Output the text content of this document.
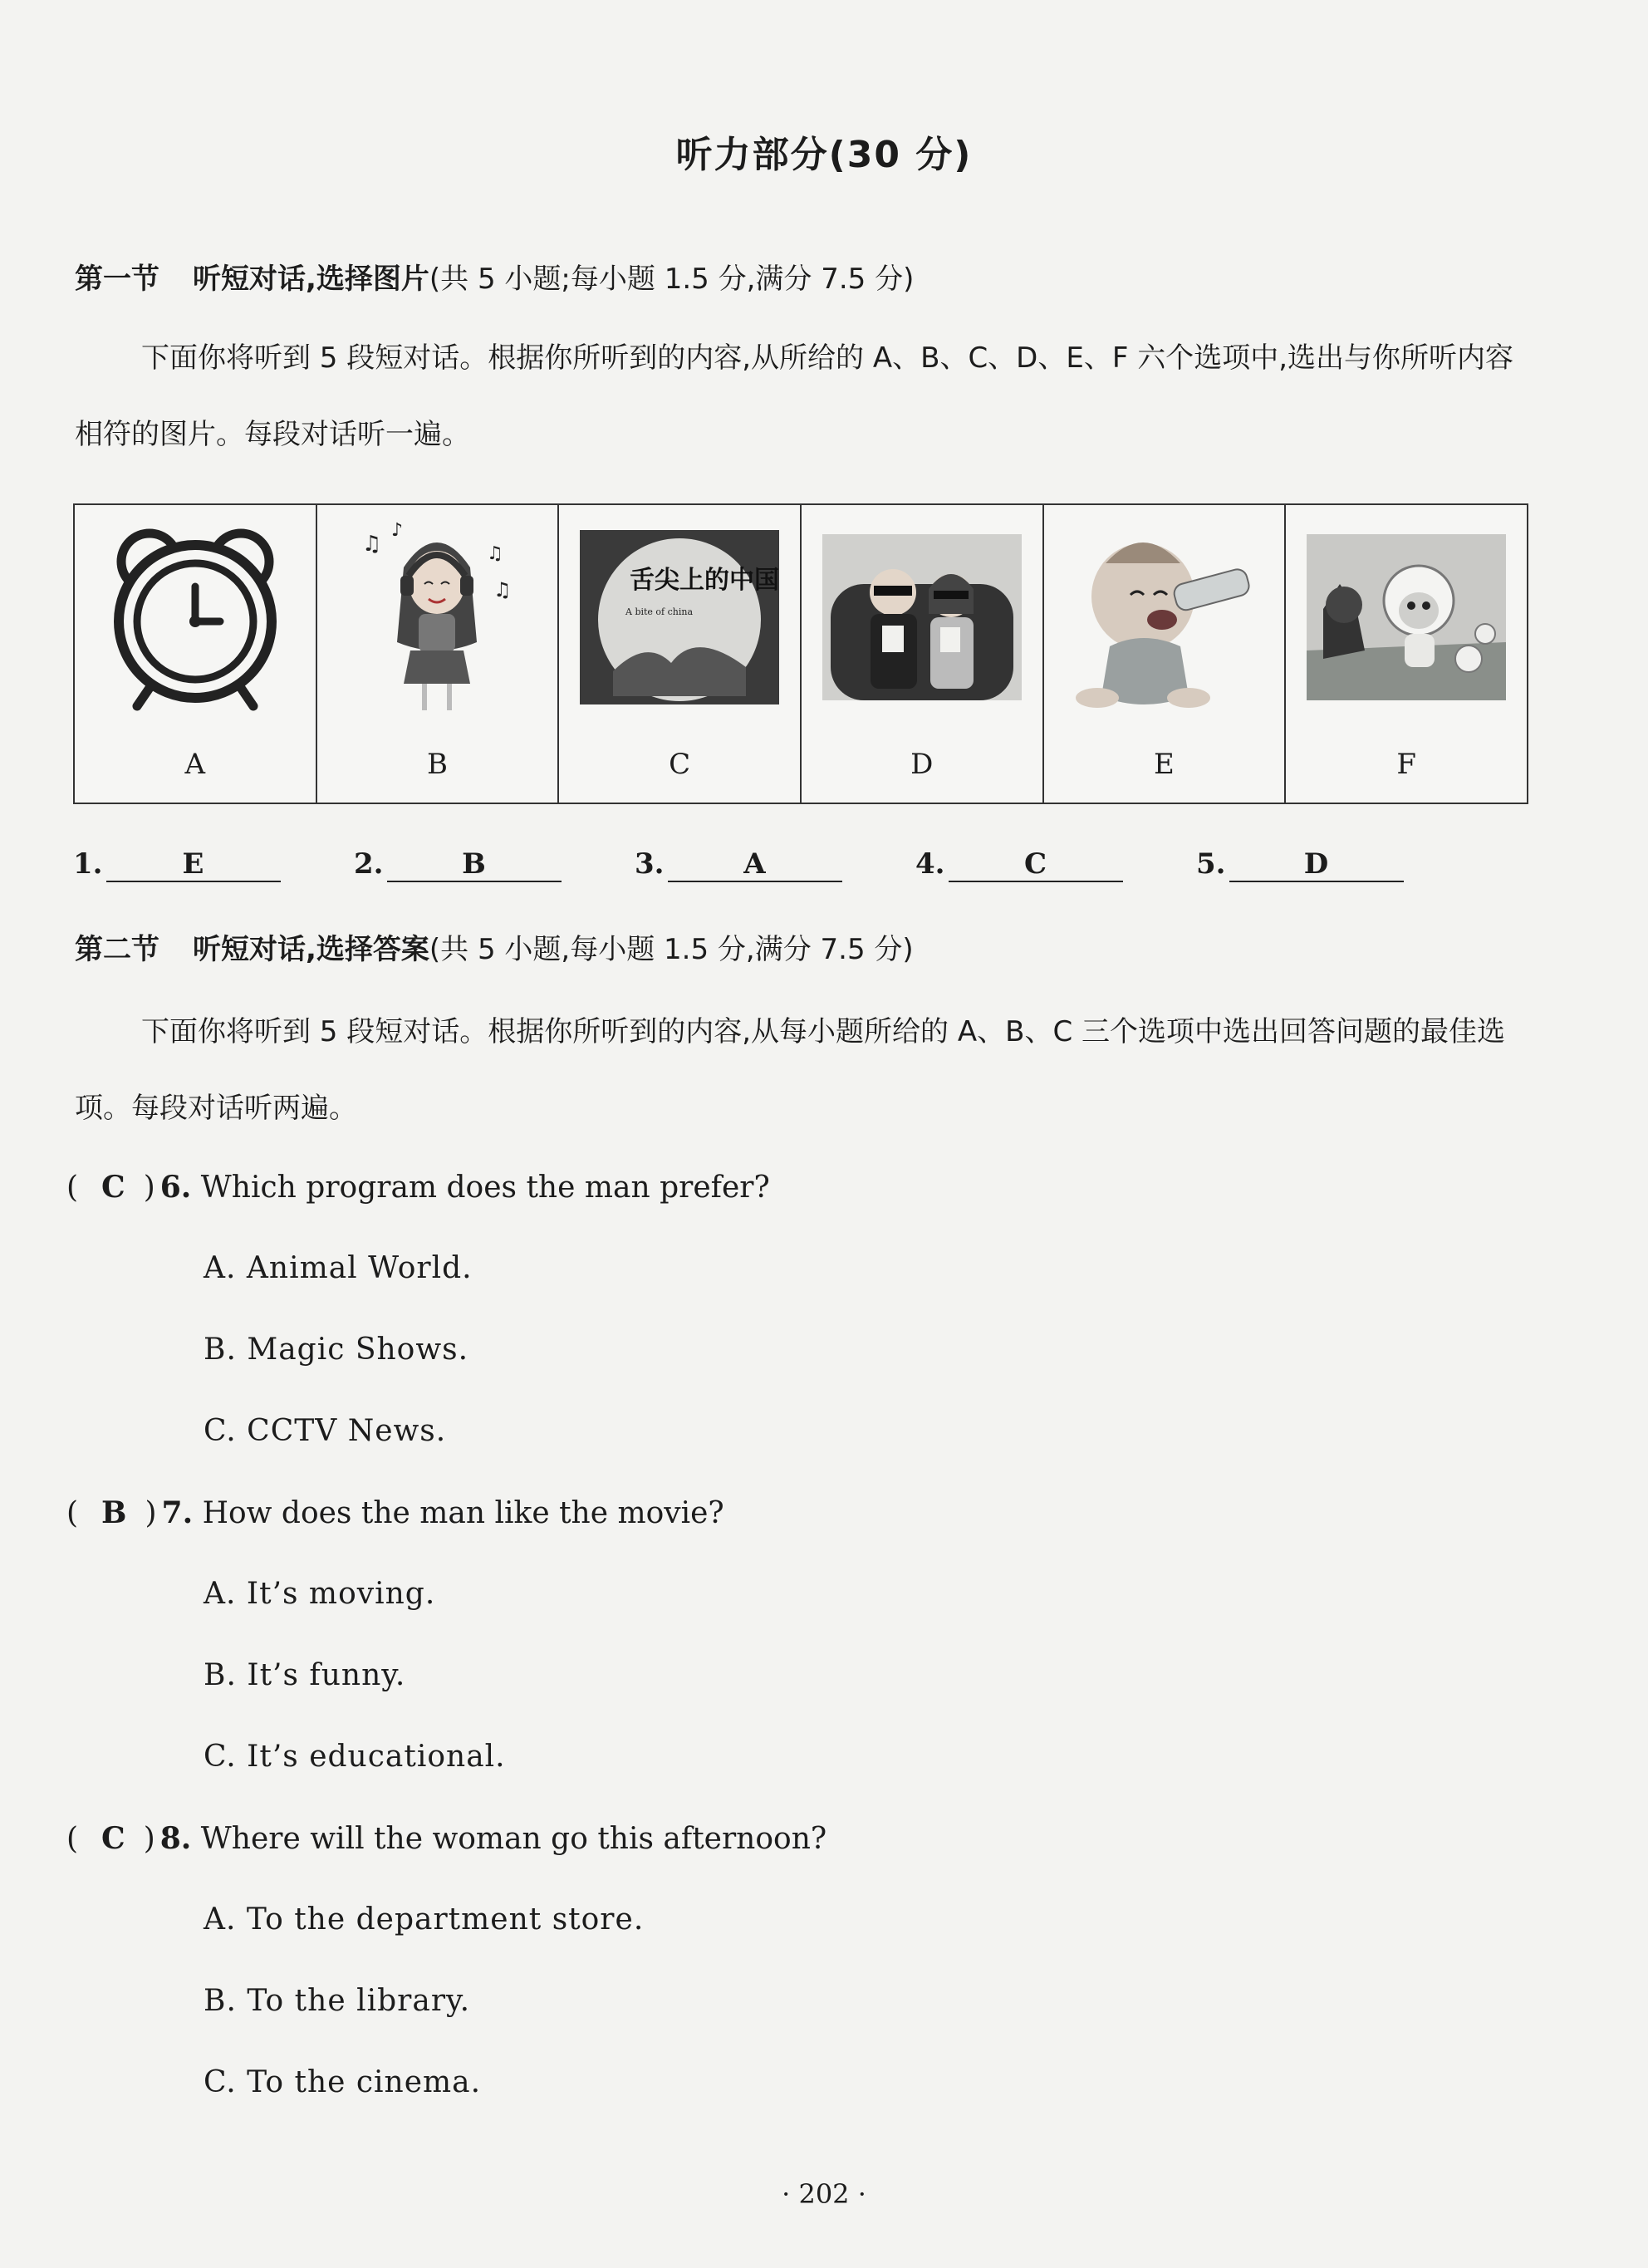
听力部分(30 分)
第一节 听短对话,选择图片(共 5 小题;每小题 1.5 分,满分 7.5 分)
下面你将听到 5 段短对话。根据你所听到的内容,从所给的 A、B、C、D、E、F 六个选项中,选出与你所听内容相符的图片。每段对话听一遍。
A

♫
♪
♫
♫
B

舌尖上的中国
A bite of china
C	D	E	F
1.	E	2.	B	3.	A	4.	C	5.	D
第二节 听短对话,选择答案(共 5 小题,每小题 1.5 分,满分 7.5 分)
下面你将听到 5 段短对话。根据你所听到的内容,从每小题所给的 A、B、C 三个选项中选出回答问题的最佳选项。每段对话听两遍。
( C ) 6. Which program does the man prefer?
A. Animal World.
B. Magic Shows.
C. CCTV News.
( B ) 7. How does the man like the movie?
A. It’s moving.
B. It’s funny.
C. It’s educational.
( C ) 8. Where will the woman go this afternoon?
A. To the department store.
B. To the library.
C. To the cinema.
· 202 ·
